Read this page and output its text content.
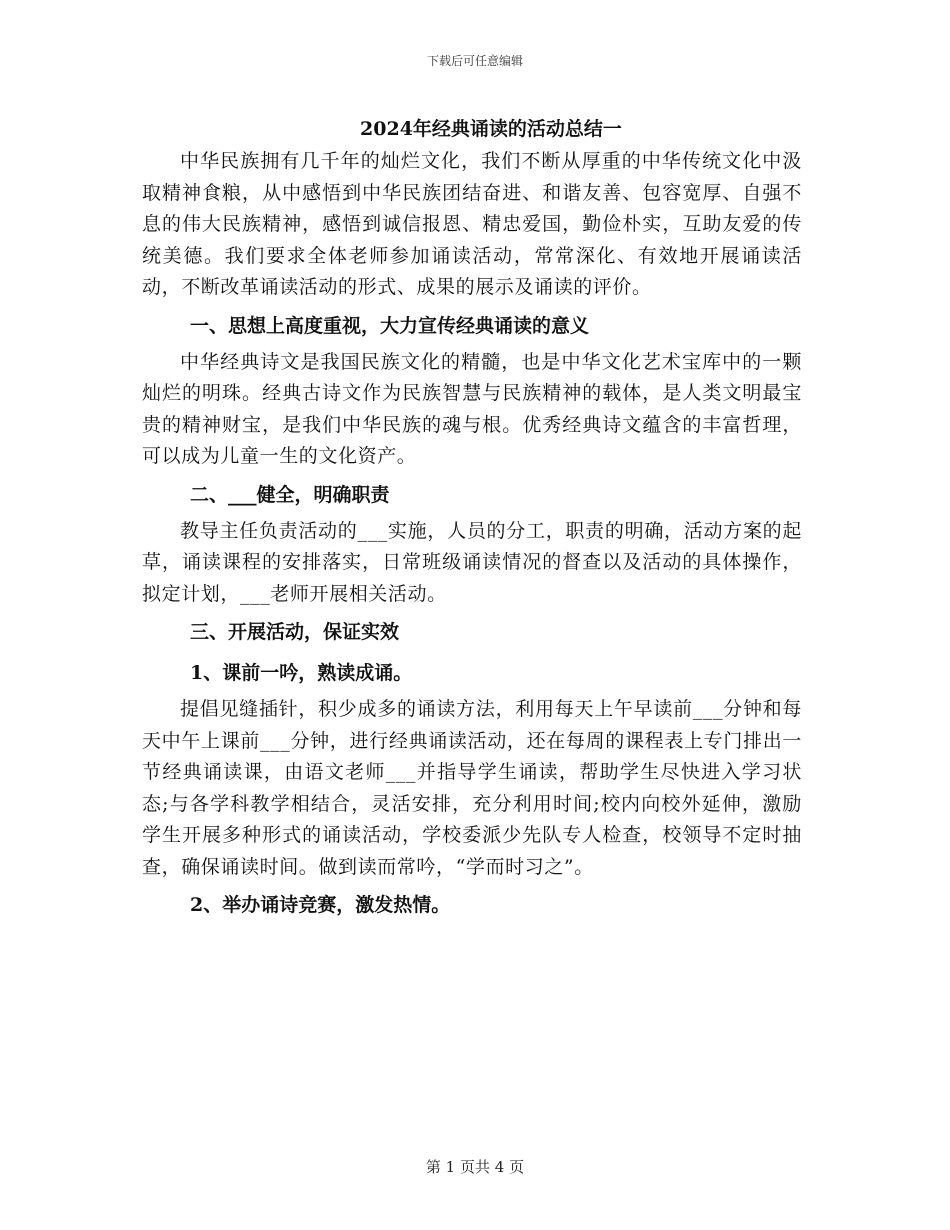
下载后可任意编辑
2024年经典诵读的活动总结一

中华民族拥有几千年的灿烂文化，我们不断从厚重的中华传统文化中汲取精神食粮，从中感悟到中华民族团结奋进、和谐友善、包容宽厚、自强不息的伟大民族精神，感悟到诚信报恩、精忠爱国，勤俭朴实，互助友爱的传统美德。我们要求全体老师参加诵读活动，常常深化、有效地开展诵读活动，不断改革诵读活动的形式、成果的展示及诵读的评价。

一、思想上高度重视，大力宣传经典诵读的意义

中华经典诗文是我国民族文化的精髓，也是中华文化艺术宝库中的一颗灿烂的明珠。经典古诗文作为民族智慧与民族精神的载体，是人类文明最宝贵的精神财宝，是我们中华民族的魂与根。优秀经典诗文蕴含的丰富哲理，可以成为儿童一生的文化资产。

二、___健全，明确职责

教导主任负责活动的___实施，人员的分工，职责的明确，活动方案的起草，诵读课程的安排落实，日常班级诵读情况的督查以及活动的具体操作，拟定计划，___老师开展相关活动。

三、开展活动，保证实效
1、课前一吟，熟读成诵。

提倡见缝插针，积少成多的诵读方法，利用每天上午早读前___分钟和每天中午上课前___分钟，进行经典诵读活动，还在每周的课程表上专门排出一节经典诵读课，由语文老师___并指导学生诵读，帮助学生尽快进入学习状态;与各学科教学相结合，灵活安排，充分利用时间;校内向校外延伸，激励学生开展多种形式的诵读活动，学校委派少先队专人检查，校领导不定时抽查，确保诵读时间。做到读而常吟，“学而时习之”。

2、举办诵诗竞赛，激发热情。
第 1 页共 4 页
